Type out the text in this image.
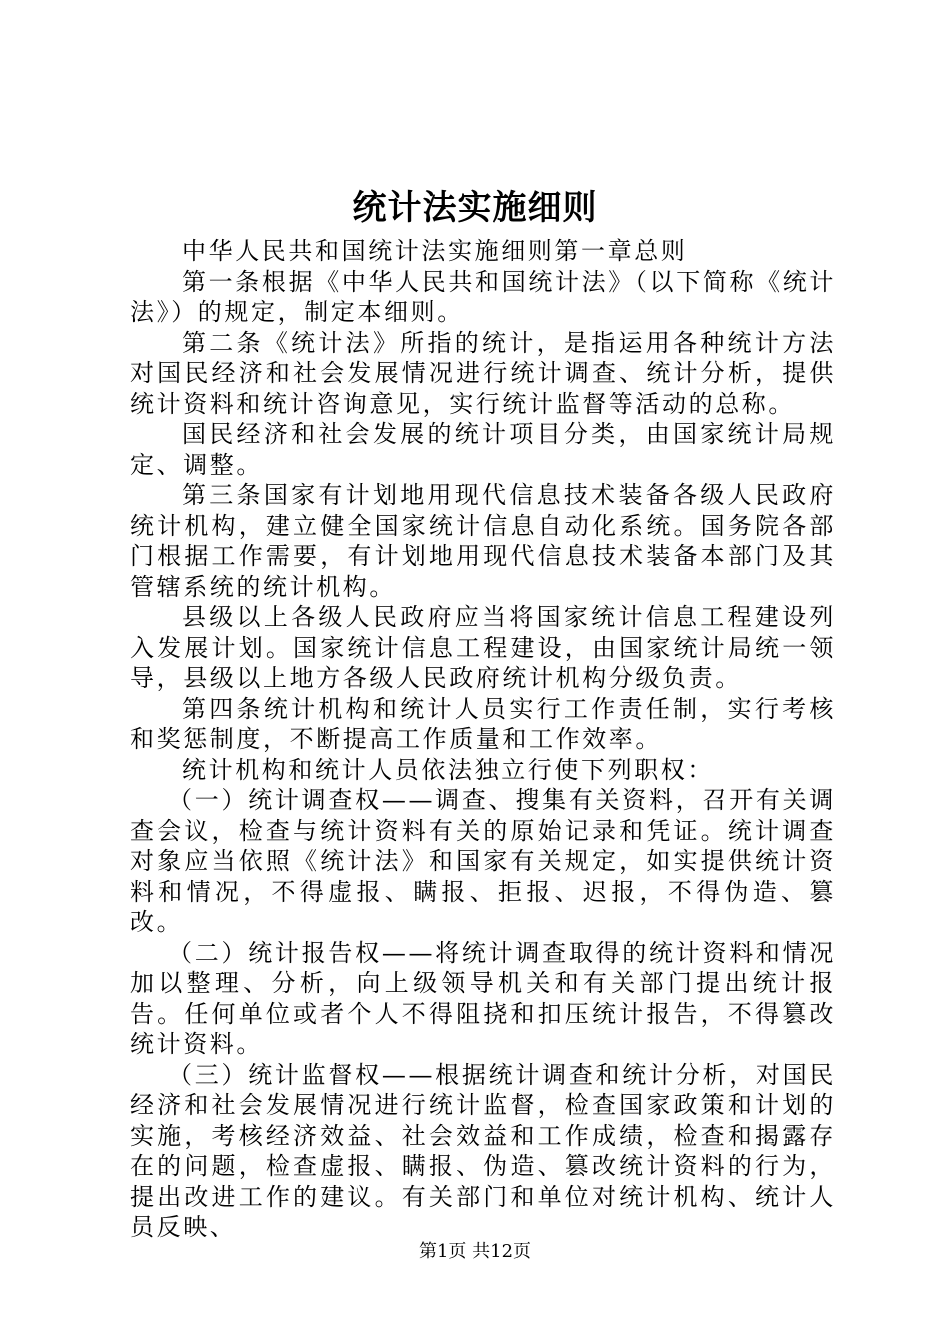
统计法实施细则

中华人民共和国统计法实施细则第一章总则

第一条根据《中华人民共和国统计法》（以下简称《统计法》）的规定，制定本细则。

第二条《统计法》所指的统计，是指运用各种统计方法对国民经济和社会发展情况进行统计调查、统计分析，提供统计资料和统计咨询意见，实行统计监督等活动的总称。

国民经济和社会发展的统计项目分类，由国家统计局规定、调整。

第三条国家有计划地用现代信息技术装备各级人民政府统计机构，建立健全国家统计信息自动化系统。国务院各部门根据工作需要，有计划地用现代信息技术装备本部门及其管辖系统的统计机构。

县级以上各级人民政府应当将国家统计信息工程建设列入发展计划。国家统计信息工程建设，由国家统计局统一领导，县级以上地方各级人民政府统计机构分级负责。

第四条统计机构和统计人员实行工作责任制，实行考核和奖惩制度，不断提高工作质量和工作效率。

统计机构和统计人员依法独立行使下列职权：

（一）统计调查权——调查、搜集有关资料，召开有关调查会议，检查与统计资料有关的原始记录和凭证。统计调查对象应当依照《统计法》和国家有关规定，如实提供统计资料和情况，不得虚报、瞒报、拒报、迟报，不得伪造、篡改。

（二）统计报告权——将统计调查取得的统计资料和情况加以整理、分析，向上级领导机关和有关部门提出统计报告。任何单位或者个人不得阻挠和扣压统计报告，不得篡改统计资料。

（三）统计监督权——根据统计调查和统计分析，对国民经济和社会发展情况进行统计监督，检查国家政策和计划的实施，考核经济效益、社会效益和工作成绩，检查和揭露存在的问题，检查虚报、瞒报、伪造、篡改统计资料的行为，提出改进工作的建议。有关部门和单位对统计机构、统计人员反映、

第1页 共12页
